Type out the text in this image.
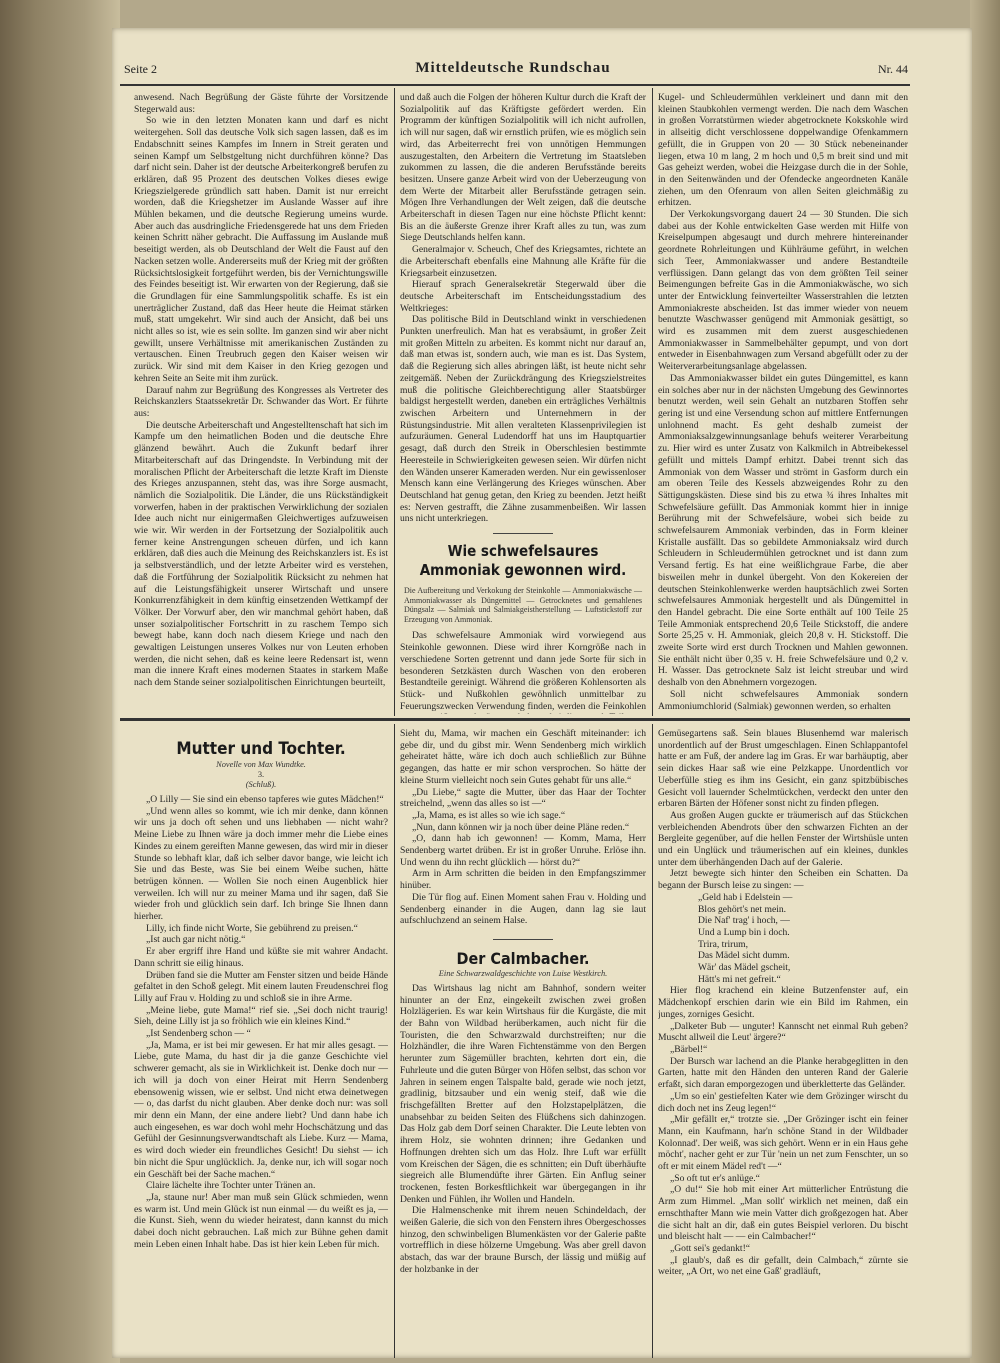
Seite 2	Mitteldeutsche Rundschau	Nr. 44

anwesend. Nach Begrüßung der Gäste führte der Vorsitzende Stegerwald aus:

So wie in den letzten Monaten kann und darf es nicht weitergehen. Soll das deutsche Volk sich sagen lassen, daß es im Endabschnitt seines Kampfes im Innern in Streit geraten und seinen Kampf um Selbstgeltung nicht durchführen könne? Das darf nicht sein. Daher ist der deutsche Arbeiterkongreß berufen zu erklären, daß 95 Prozent des deutschen Volkes dieses ewige Kriegszielgerede gründlich satt haben. Damit ist nur erreicht worden, daß die Kriegshetzer im Auslande Wasser auf ihre Mühlen bekamen, und die deutsche Regierung umeins wurde. Aber auch das ausdringliche Friedensgerede hat uns dem Frieden keinen Schritt näher gebracht. Die Auffassung im Auslande muß beseitigt werden, als ob Deutschland der Welt die Faust auf den Nacken setzen wolle. Andererseits muß der Krieg mit der größten Rücksichtslosigkeit fortgeführt werden, bis der Vernichtungswille des Feindes beseitigt ist. Wir erwarten von der Regierung, daß sie die Grundlagen für eine Sammlungspolitik schaffe. Es ist ein unerträglicher Zustand, daß das Heer heute die Heimat stärken muß, statt umgekehrt. Wir sind auch der Ansicht, daß bei uns nicht alles so ist, wie es sein sollte. Im ganzen sind wir aber nicht gewillt, unsere Verhältnisse mit amerikanischen Zuständen zu vertauschen. Einen Treubruch gegen den Kaiser weisen wir zurück. Wir sind mit dem Kaiser in den Krieg gezogen und kehren Seite an Seite mit ihm zurück.

Darauf nahm zur Begrüßung des Kongresses als Vertreter des Reichskanzlers Staatssekretär Dr. Schwander das Wort. Er führte aus:

Die deutsche Arbeiterschaft und Angestelltenschaft hat sich im Kampfe um den heimatlichen Boden und die deutsche Ehre glänzend bewährt. Auch die Zukunft bedarf ihrer Mitarbeiterschaft auf das Dringendste. In Verbindung mit der moralischen Pflicht der Arbeiterschaft die letzte Kraft im Dienste des Krieges anzuspannen, steht das, was ihre Sorge ausmacht, nämlich die Sozialpolitik. Die Länder, die uns Rückständigkeit vorwerfen, haben in der praktischen Verwirklichung der sozialen Idee auch nicht nur einigermaßen Gleichwertiges aufzuweisen wie wir. Wir werden in der Fortsetzung der Sozialpolitik auch ferner keine Anstrengungen scheuen dürfen, und ich kann erklären, daß dies auch die Meinung des Reichskanzlers ist. Es ist ja selbstverständlich, und der letzte Arbeiter wird es verstehen, daß die Fortführung der Sozialpolitik Rücksicht zu nehmen hat auf die Leistungsfähigkeit unserer Wirtschaft und unsere Konkurrenzfähigkeit in dem künftig einsetzenden Wettkampf der Völker. Der Vorwurf aber, den wir manchmal gehört haben, daß unser sozialpolitischer Fortschritt in zu raschem Tempo sich bewegt habe, kann doch nach diesem Kriege und nach den gewaltigen Leistungen unseres Volkes nur von Leuten erhoben werden, die nicht sehen, daß es keine leere Redensart ist, wenn man die innere Kraft eines modernen Staates in starkem Maße nach dem Stande seiner sozialpolitischen Einrichtungen beurteilt,

und daß auch die Folgen der höheren Kultur durch die Kraft der Sozialpolitik auf das Kräftigste gefördert werden. Ein Programm der künftigen Sozialpolitik will ich nicht aufrollen, ich will nur sagen, daß wir ernstlich prüfen, wie es möglich sein wird, das Arbeiterrecht frei von unnötigen Hemmungen auszugestalten, den Arbeitern die Vertretung im Staatsleben zukommen zu lassen, die die anderen Berufsstände bereits besitzen. Unsere ganze Arbeit wird von der Ueberzeugung von dem Werte der Mitarbeit aller Berufsstände getragen sein. Mögen Ihre Verhandlungen der Welt zeigen, daß die deutsche Arbeiterschaft in diesen Tagen nur eine höchste Pflicht kennt: Bis an die äußerste Grenze ihrer Kraft alles zu tun, was zum Siege Deutschlands helfen kann.

Generalmajor v. Scheuch, Chef des Kriegsamtes, richtete an die Arbeiterschaft ebenfalls eine Mahnung alle Kräfte für die Kriegsarbeit einzusetzen.

Hierauf sprach Generalsekretär Stegerwald über die deutsche Arbeiterschaft im Entscheidungsstadium des Weltkrieges:

Das politische Bild in Deutschland winkt in verschiedenen Punkten unerfreulich. Man hat es verabsäumt, in großer Zeit mit großen Mitteln zu arbeiten. Es kommt nicht nur darauf an, daß man etwas ist, sondern auch, wie man es ist. Das System, daß die Regierung sich alles abringen läßt, ist heute nicht sehr zeitgemäß. Neben der Zurückdrängung des Kriegszielstreites muß die politische Gleichberechtigung aller Staatsbürger baldigst hergestellt werden, daneben ein erträgliches Verhältnis zwischen Arbeitern und Unternehmern in der Rüstungsindustrie. Mit allen veralteten Klassenprivilegien ist aufzuräumen. General Ludendorff hat uns im Hauptquartier gesagt, daß durch den Streik in Oberschlesien bestimmte Heeresteile in Schwierigkeiten gewesen seien. Wir dürfen nicht den Wänden unserer Kameraden werden. Nur ein gewissenloser Mensch kann eine Verlängerung des Krieges wünschen. Aber Deutschland hat genug getan, den Krieg zu beenden. Jetzt heißt es: Nerven gestrafft, die Zähne zusammenbeißen. Wir lassen uns nicht unterkriegen.

Wie schwefelsaures Ammoniak gewonnen wird.
Die Aufbereitung und Verkokung der Steinkohle — Ammoniakwäsche — Ammoniakwasser als Düngemittel — Getrocknetes und gemahlenes Düngsalz — Salmiak und Salmiakgeistherstellung — Luftstickstoff zur Erzeugung von Ammoniak.

Das schwefelsaure Ammoniak wird vorwiegend aus Steinkohle gewonnen. Diese wird ihrer Korngröße nach in verschiedene Sorten getrennt und dann jede Sorte für sich in besonderen Setzkästen durch Waschen von den eroberen Bestandteile gereinigt. Während die größeren Kohlensorten als Stück- und Nußkohlen gewöhnlich unmittelbar zu Feuerungszwecken Verwendung finden, werden die Feinkohlen

Kugel- und Schleudermühlen verkleinert und dann mit den kleinen Staubkohlen vermengt werden. Die nach dem Waschen in großen Vorratstürmen wieder abgetrocknete Kokskohle wird in allseitig dicht verschlossene doppelwandige Ofenkammern gefüllt, die in Gruppen von 20 — 30 Stück nebeneinander liegen, etwa 10 m lang, 2 m hoch und 0,5 m breit sind und mit Gas geheizt werden, wobei die Heizgase durch die in der Sohle, in den Seitenwänden und der Ofendecke angeordneten Kanäle ziehen, um den Ofenraum von allen Seiten gleichmäßig zu erhitzen.

Der Verkokungsvorgang dauert 24 — 30 Stunden. Die sich dabei aus der Kohle entwickelten Gase werden mit Hilfe von Kreiselpumpen abgesaugt und durch mehrere hintereinander geordnete Rohrleitungen und Kühlräume geführt, in welchen sich Teer, Ammoniakwasser und andere Bestandteile verflüssigen. Dann gelangt das von dem größten Teil seiner Beimengungen befreite Gas in die Ammoniakwäsche, wo sich unter der Entwicklung feinverteilter Wasserstrahlen die letzten Ammoniakreste abscheiden. Ist das immer wieder von neuem benutzte Waschwasser genügend mit Ammoniak gesättigt, so wird es zusammen mit dem zuerst ausgeschiedenen Ammoniakwasser in Sammelbehälter gepumpt, und von dort entweder in Eisenbahnwagen zum Versand abgefüllt oder zu der Weiterverarbeitungsanlage abgelassen.

Das Ammoniakwasser bildet ein gutes Düngemittel, es kann ein solches aber nur in der nächsten Umgebung des Gewinnortes benutzt werden, weil sein Gehalt an nutzbaren Stoffen sehr gering ist und eine Versendung schon auf mittlere Entfernungen unlohnend macht. Es geht deshalb zumeist der Ammoniaksalzgewinnungsanlage behufs weiterer Verarbeitung zu. Hier wird es unter Zusatz von Kalkmilch in Abtreibekessel gefüllt und mittels Dampf erhitzt. Dabei trennt sich das Ammoniak von dem Wasser und strömt in Gasform durch ein am oberen Teile des Kessels abzweigendes Rohr zu den Sättigungskästen. Diese sind bis zu etwa ¾ ihres Inhaltes mit Schwefelsäure gefüllt. Das Ammoniak kommt hier in innige Berührung mit der Schwefelsäure, wobei sich beide zu schwefelsaurem Ammoniak verbinden, das in Form kleiner Kristalle ausfällt. Das so gebildete Ammoniaksalz wird durch Schleudern in Schleudermühlen getrocknet und ist dann zum Versand fertig. Es hat eine weißlichgraue Farbe, die aber bisweilen mehr in dunkel übergeht. Von den Kokereien der deutschen Steinkohlenwerke werden hauptsächlich zwei Sorten schwefelsaures Ammoniak hergestellt und als Düngemittel in den Handel gebracht. Die eine Sorte enthält auf 100 Teile 25 Teile Ammoniak entsprechend 20,6 Teile Stickstoff, die andere Sorte 25,25 v. H. Ammoniak, gleich 20,8 v. H. Stickstoff. Die zweite Sorte wird erst durch Trocknen und Mahlen gewonnen. Sie enthält nicht über 0,35 v. H. freie Schwefelsäure und 0,2 v. H. Wasser. Das getrocknete Salz ist leicht streubar und wird deshalb von den Abnehmern vorgezogen.

Soll nicht schwefelsaures Ammoniak sondern Ammoniumchlorid (Salmiak) gewonnen werden, so erhalten

Mutter und Tochter.
Novelle von Max Wundtke.
3.
(Schluß).

„O Lilly — Sie sind ein ebenso tapferes wie gutes Mädchen!“

„Und wenn alles so kommt, wie ich mir denke, dann können wir uns ja doch oft sehen und uns liebhaben — nicht wahr? Meine Liebe zu Ihnen wäre ja doch immer mehr die Liebe eines Kindes zu einem gereiften Manne gewesen, das wird mir in dieser Stunde so lebhaft klar, daß ich selber davor bange, wie leicht ich Sie und das Beste, was Sie bei einem Weibe suchen, hätte betrügen können. — Wollen Sie noch einen Augenblick hier verweilen. Ich will nur zu meiner Mama und ihr sagen, daß Sie wieder froh und glücklich sein darf. Ich bringe Sie Ihnen dann hierher.

Lilly, ich finde nicht Worte, Sie gebührend zu preisen.“

„Ist auch gar nicht nötig.“

Er aber ergriff ihre Hand und küßte sie mit wahrer Andacht. Dann schritt sie eilig hinaus.

Drüben fand sie die Mutter am Fenster sitzen und beide Hände gefaltet in den Schoß gelegt. Mit einem lauten Freudenschrei flog Lilly auf Frau v. Holding zu und schloß sie in ihre Arme.

„Meine liebe, gute Mama!“ rief sie. „Sei doch nicht traurig! Sieh, deine Lilly ist ja so fröhlich wie ein kleines Kind.“

„Ist Sendenberg schon — “

„Ja, Mama, er ist bei mir gewesen. Er hat mir alles gesagt. — Liebe, gute Mama, du hast dir ja die ganze Geschichte viel schwerer gemacht, als sie in Wirklichkeit ist. Denke doch nur — ich will ja doch von einer Heirat mit Herrn Sendenberg ebensowenig wissen, wie er selbst. Und nicht etwa deinetwegen — o, das darfst du nicht glauben. Aber denke doch nur: was soll mir denn ein Mann, der eine andere liebt? Und dann habe ich auch eingesehen, es war doch wohl mehr Hochschätzung und das Gefühl der Gesinnungsverwandtschaft als Liebe. Kurz — Mama, es wird doch wieder ein freundliches Gesicht! Du siehst — ich bin nicht die Spur unglücklich. Ja, denke nur, ich will sogar noch ein Geschäft bei der Sache machen.“

Claire lächelte ihre Tochter unter Tränen an.

„Ja, staune nur! Aber man muß sein Glück schmieden, wenn es warm ist. Und mein Glück ist nun einmal — du weißt es ja, — die Kunst. Sieh, wenn du wieder heiratest, dann kannst du mich dabei doch nicht gebrauchen. Laß mich zur Bühne gehen damit mein Leben einen Inhalt habe. Das ist hier kein Leben für mich.

Sieht du, Mama, wir machen ein Geschäft miteinander: ich gebe dir, und du gibst mir. Wenn Sendenberg mich wirklich geheiratet hätte, wäre ich doch auch schließlich zur Bühne gegangen, das hatte er mir schon versprochen. So hätte der kleine Sturm vielleicht noch sein Gutes gehabt für uns alle.“

„Du Liebe,“ sagte die Mutter, über das Haar der Tochter streichelnd, „wenn das alles so ist —“

„Ja, Mama, es ist alles so wie ich sage.“

„Nun, dann können wir ja noch über deine Pläne reden.“

„O, dann hab ich gewonnen! — Komm, Mama, Herr Sendenberg wartet drüben. Er ist in großer Unruhe. Erlöse ihn. Und wenn du ihn recht glücklich — hörst du?“

Arm in Arm schritten die beiden in den Empfangszimmer hinüber.

Die Tür flog auf. Einen Moment sahen Frau v. Holding und Sendenberg einander in die Augen, dann lag sie laut aufschluchzend an seinem Halse.

Der Calmbacher.
Eine Schwarzwaldgeschichte von Luise Westkirch.

Das Wirtshaus lag nicht am Bahnhof, sondern weiter hinunter an der Enz, eingekeilt zwischen zwei großen Holzlägerien. Es war kein Wirtshaus für die Kurgäste, die mit der Bahn von Wildbad herüberkamen, auch nicht für die Touristen, die den Schwarzwald durchstreiften; nur die Holzhändler, die ihre Waren Fichtenstämme von den Bergen herunter zum Sägemüller brachten, kehrten dort ein, die Fuhrleute und die guten Bürger von Höfen selbst, das schon vor Jahren in seinem engen Talspalte bald, gerade wie noch jetzt, gradlinig, bitzsauber und ein wenig steif, daß wie die frischgefällten Bretter auf den Holzstapelplätzen, die unabsehbar zu beiden Seiten des Flüßchens sich dahinzogen. Das Holz gab dem Dorf seinen Charakter. Die Leute lebten von ihrem Holz, sie wohnten drinnen; ihre Gedanken und Hoffnungen drehten sich um das Holz. Ihre Luft war erfüllt vom Kreischen der Sägen, die es schnitten; ein Duft überhäufte siegreich alle Blumendüfte ihrer Gärten. Ein Anflug seiner trockenen, festen Borkesftlichkeit war übergegangen in ihr Denken und Fühlen, ihr Wollen und Handeln.

Die Halmenschenke mit ihrem neuen Schindeldach, der weißen Galerie, die sich von den Fenstern ihres Obergeschosses hinzog, den schwinbeligen Blumenkästen vor der Galerie paßte vortrefflich in diese hölzerne Umgebung. Was aber grell davon abstach, das war der braune Bursch, der lässig und müßig auf der holzbanke in der

Gemüsegartens saß. Sein blaues Blusenhemd war malerisch unordentlich auf der Brust umgeschlagen. Einen Schlappantofel hatte er am Fuß, der andere lag im Gras. Er war barhäuptig, aber sein dickes Haar saß wie eine Pelzkappe. Unordentlich vor Ueberfülle stieg es ihm ins Gesicht, ein ganz spitzbübisches Gesicht voll lauernder Schelmtückchen, verdeckt den unter den erbaren Bärten der Höfener sonst nicht zu finden pflegen.

Aus großen Augen guckte er träumerisch auf das Stückchen verbleichenden Abendrots über den schwarzen Fichten an der Bergleite gegenüber, auf die hellen Fenster der Wirtshüsle unten und ein Unglück und träumerischen auf ein kleines, dunkles unter dem überhängenden Dach auf der Galerie.

Jetzt bewegte sich hinter den Scheiben ein Schatten. Da begann der Bursch leise zu singen: —

„Geld hab i Edelstein —

Blos gehört's net mein.

Die Naf' trag' i hoch, —

Und a Lump bin i doch.

Trira, trirum,

Das Mädel sicht dumm.

Wär' das Mädel gscheit,

Hätt's mi net gefreit.“

Hier flog krachend ein kleine Butzenfenster auf, ein Mädchenkopf erschien darin wie ein Bild im Rahmen, ein junges, zorniges Gesicht.

„Dalketer Bub — unguter! Kannscht net einmal Ruh geben? Muscht allweil die Leut' ärgere?“

„Bärbel!“

Der Bursch war lachend an die Planke herabgeglitten in den Garten, hatte mit den Händen den unteren Rand der Galerie erfaßt, sich daran emporgezogen und überkletterte das Geländer.

„Um so ein' gestiefelten Kater wie dem Grözinger wirscht du dich doch net ins Zeug legen!“

„Mir gefällt er,“ trotzte sie. „Der Grözinger ischt ein feiner Mann, ein Kaufmann, har'n schöne Stand in der Wildbader Kolonnad'. Der weiß, was sich gehört. Wenn er in ein Haus gehe möcht', nacher geht er zur Tür 'nein un net zum Fenschter, un so oft er mit einem Mädel red't —“

„So oft tut er's anlüge.“

„O du!“ Sie hob mit einer Art mütterlicher Entrüstung die Arm zum Himmel. „Man sollt' wirklich net meinen, daß ein ernschthafter Mann wie mein Vatter dich großgezogen hat. Aber die sicht halt an dir, daß ein gutes Beispiel verloren. Du bischt und bleischt halt — — ein Calmbacher!“

„Gott sei's gedankt!“

„I glaub's, daß es dir gefallt, dein Calmbach,“ zürnte sie weiter, „A Ort, wo net eine Gaß' gradläuft,
